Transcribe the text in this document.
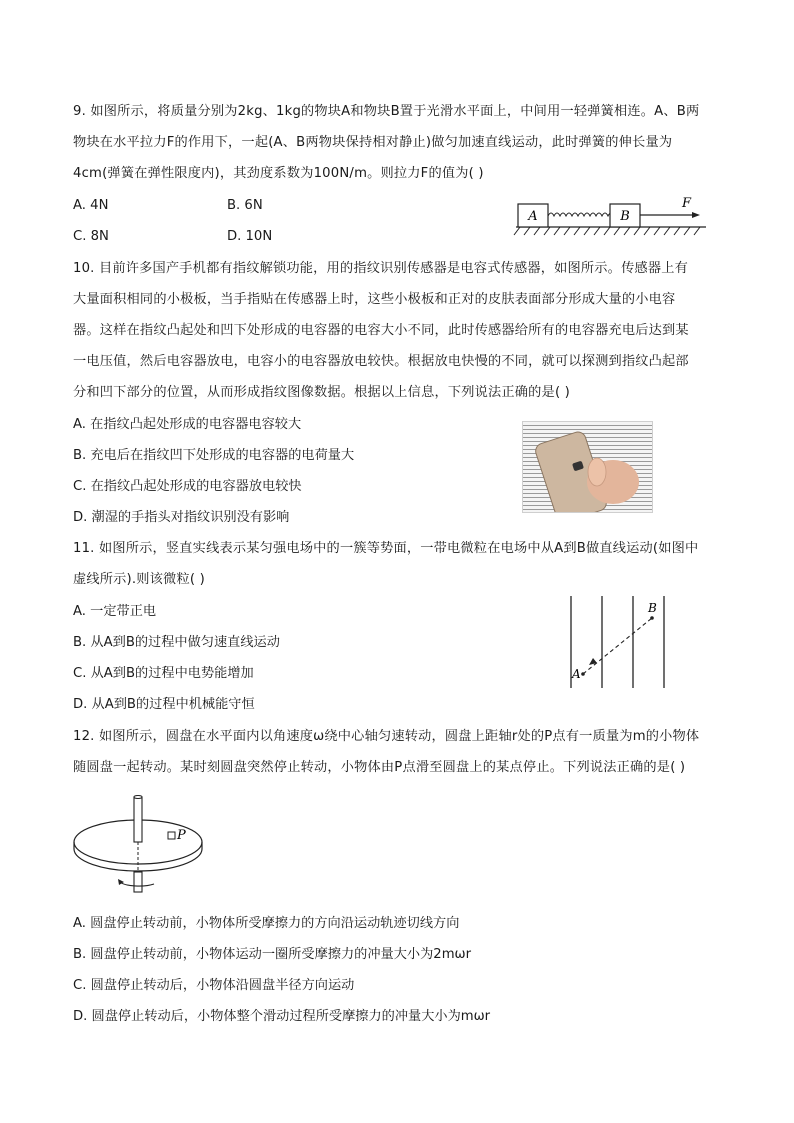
9. 如图所示，将质量分别为2kg、1kg的物块A和物块B置于光滑水平面上，中间用一轻弹簧相连。A、B两
物块在水平拉力F的作用下，一起(A、B两物块保持相对静止)做匀加速直线运动，此时弹簧的伸长量为
4cm(弹簧在弹性限度内)，其劲度系数为100N/m。则拉力F的值为( )
A. 4N	B. 6N
C. 8N	D. 10N
A	B
F
10. 目前许多国产手机都有指纹解锁功能，用的指纹识别传感器是电容式传感器，如图所示。传感器上有
大量面积相同的小极板，当手指贴在传感器上时，这些小极板和正对的皮肤表面部分形成大量的小电容
器。这样在指纹凸起处和凹下处形成的电容器的电容大小不同，此时传感器给所有的电容器充电后达到某
一电压值，然后电容器放电，电容小的电容器放电较快。根据放电快慢的不同，就可以探测到指纹凸起部
分和凹下部分的位置，从而形成指纹图像数据。根据以上信息，下列说法正确的是( )
A. 在指纹凸起处形成的电容器电容较大
B. 充电后在指纹凹下处形成的电容器的电荷量大
C. 在指纹凸起处形成的电容器放电较快
D. 潮湿的手指头对指纹识别没有影响
11. 如图所示，竖直实线表示某匀强电场中的一簇等势面，一带电微粒在电场中从A到B做直线运动(如图中
虚线所示).则该微粒( )
A. 一定带正电
B. 从A到B的过程中做匀速直线运动
C. 从A到B的过程中电势能增加
D. 从A到B的过程中机械能守恒
A
B
12. 如图所示，圆盘在水平面内以角速度ω绕中心轴匀速转动，圆盘上距轴r处的P点有一质量为m的小物体
随圆盘一起转动。某时刻圆盘突然停止转动，小物体由P点滑至圆盘上的某点停止。下列说法正确的是( )
P
A. 圆盘停止转动前，小物体所受摩擦力的方向沿运动轨迹切线方向
B. 圆盘停止转动前，小物体运动一圈所受摩擦力的冲量大小为2mωr
C. 圆盘停止转动后，小物体沿圆盘半径方向运动
D. 圆盘停止转动后，小物体整个滑动过程所受摩擦力的冲量大小为mωr
